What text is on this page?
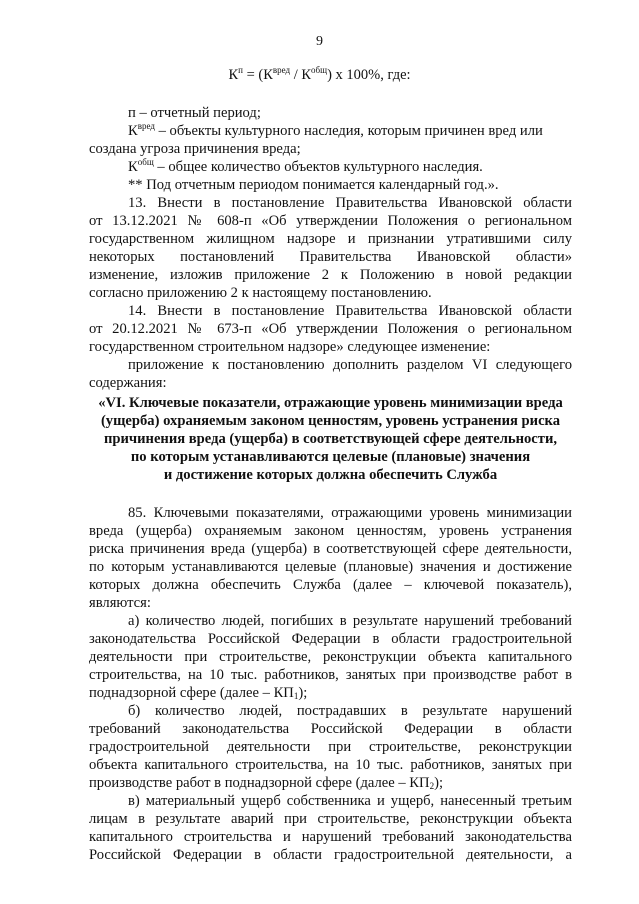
9
$К^п = (К^{вред} / К^{общ})$ x 100%, где:
п – отчетный период;
$К^{вред}$ – объекты культурного наследия, которым причинен вред или
создана угроза причинения вреда;
$К^{общ}$ – общее количество объектов культурного наследия.
** Под отчетным периодом понимается календарный год.».
13. Внести в постановление Правительства Ивановской области
от 13.12.2021 № 608-п «Об утверждении Положения о региональном
государственном жилищном надзоре и признании утратившими силу
некоторых постановлений Правительства Ивановской области»
изменение, изложив приложение 2 к Положению в новой редакции
согласно приложению 2 к настоящему постановлению.
14. Внести в постановление Правительства Ивановской области
от 20.12.2021 № 673-п «Об утверждении Положения о региональном
государственном строительном надзоре» следующее изменение:
приложение к постановлению дополнить разделом VI следующего
содержания:
«VI. Ключевые показатели, отражающие уровень минимизации вреда
(ущерба) охраняемым законом ценностям, уровень устранения риска
причинения вреда (ущерба) в соответствующей сфере деятельности,
по которым устанавливаются целевые (плановые) значения
и достижение которых должна обеспечить Служба
85. Ключевыми показателями, отражающими уровень минимизации
вреда (ущерба) охраняемым законом ценностям, уровень устранения
риска причинения вреда (ущерба) в соответствующей сфере деятельности,
по которым устанавливаются целевые (плановые) значения и достижение
которых должна обеспечить Служба (далее – ключевой показатель),
являются:
а) количество людей, погибших в результате нарушений требований
законодательства Российской Федерации в области градостроительной
деятельности при строительстве, реконструкции объекта капитального
строительства, на 10 тыс. работников, занятых при производстве работ в
поднадзорной сфере (далее – $КП_1$);
б) количество людей, пострадавших в результате нарушений
требований законодательства Российской Федерации в области
градостроительной деятельности при строительстве, реконструкции
объекта капитального строительства, на 10 тыс. работников, занятых при
производстве работ в поднадзорной сфере (далее – $КП_2$);
в) материальный ущерб собственника и ущерб, нанесенный третьим
лицам в результате аварий при строительстве, реконструкции объекта
капитального строительства и нарушений требований законодательства
Российской Федерации в области градостроительной деятельности, а
